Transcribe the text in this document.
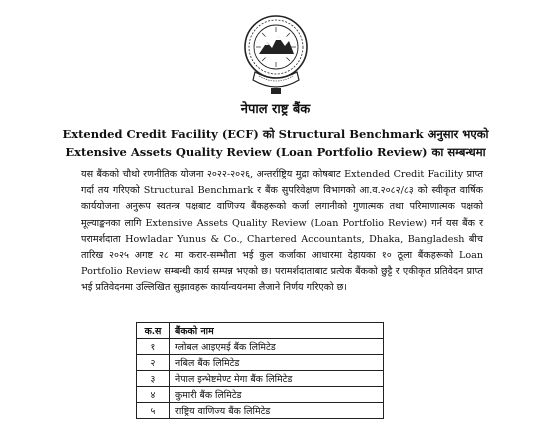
नेपाल राष्ट्र बैंक
Extended Credit Facility (ECF) को Structural Benchmark अनुसार भएको
Extensive Assets Quality Review (Loan Portfolio Review) का सम्बन्धमा
यस बैंकको चौथो रणनीतिक योजना २०२२-२०२६, अन्तर्राष्ट्रिय मुद्रा कोषबाट Extended Credit Facility प्राप्त गर्दा तय गरिएको Structural Benchmark र बैंक सुपरिवेक्षण विभागको आ.व.२०८२/८३ को स्वीकृत वार्षिक कार्ययोजना अनुरूप स्वतन्त्र पक्षबाट वाणिज्य बैंकहरूको कर्जा लगानीको गुणात्मक तथा परिमाणात्मक पक्षको मूल्याङ्कनका लागि Extensive Assets Quality Review (Loan Portfolio Review) गर्न यस बैंक र परामर्शदाता Howladar Yunus & Co., Chartered Accountants, Dhaka, Bangladesh बीच तारिख २०२५ अगष्ट २८ मा करार-सम्भौता भई कुल कर्जाका आधारमा देहायका १० ठूला बैंकहरूको Loan Portfolio Review सम्बन्धी कार्य सम्पन्न भएको छ। परामर्शदाताबाट प्रत्येक बैंकको छुट्टै र एकीकृत प्रतिवेदन प्राप्त भई प्रतिवेदनमा उल्लिखित सुझावहरू कार्यान्वयनमा लैजाने निर्णय गरिएको छ।
क.स	बैंकको नाम
१	ग्लोबल आइएमई बैंक लिमिटेड
२	नबिल बैंक लिमिटेड
३	नेपाल इन्भेष्टमेण्ट मेगा बैंक लिमिटेड
४	कुमारी बैंक लिमिटेड
५	राष्ट्रिय वाणिज्य बैंक लिमिटेड
